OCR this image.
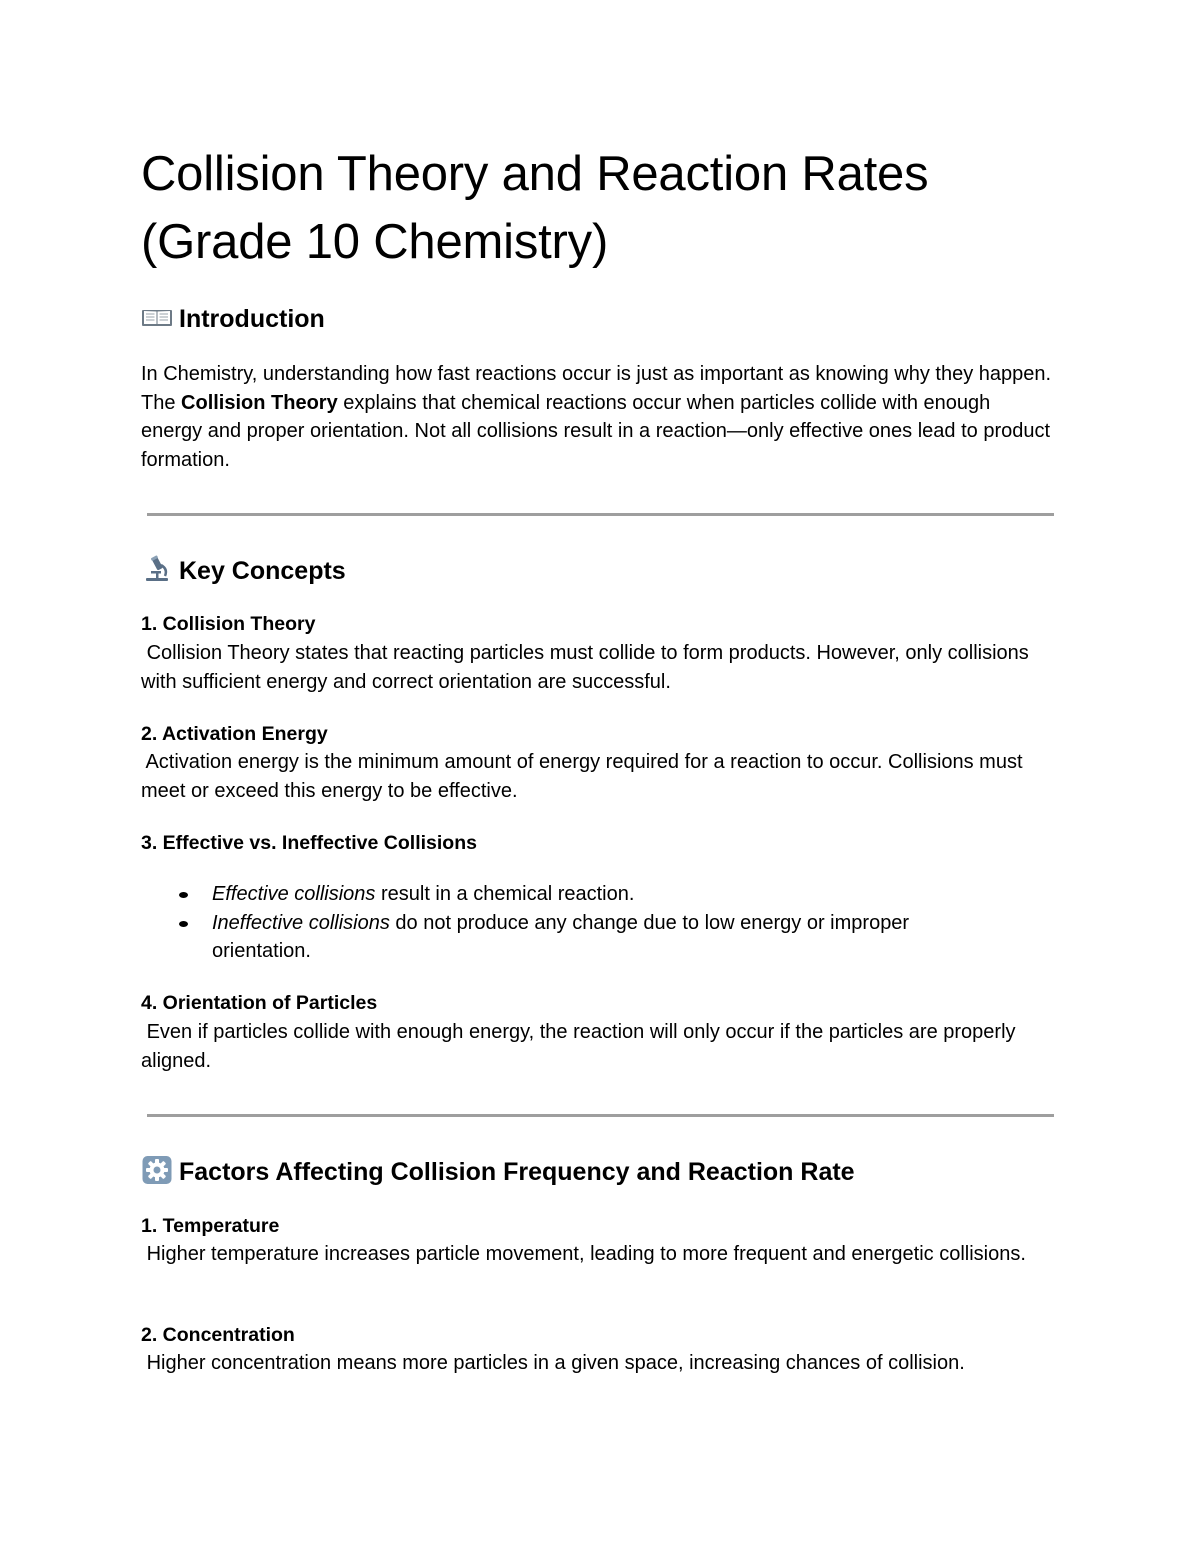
Collision Theory and Reaction Rates (Grade 10 Chemistry)
Introduction

In Chemistry, understanding how fast reactions occur is just as important as knowing why they happen. The Collision Theory explains that chemical reactions occur when particles collide with enough energy and proper orientation. Not all collisions result in a reaction—only effective ones lead to product formation.

Key Concepts

1. Collision Theory

Collision Theory states that reacting particles must collide to form products. However, only collisions with sufficient energy and correct orientation are successful.

2. Activation Energy

Activation energy is the minimum amount of energy required for a reaction to occur. Collisions must meet or exceed this energy to be effective.

3. Effective vs. Ineffective Collisions

Effective collisions result in a chemical reaction.
Ineffective collisions do not produce any change due to low energy or improper orientation.

4. Orientation of Particles

Even if particles collide with enough energy, the reaction will only occur if the particles are properly aligned.

Factors Affecting Collision Frequency and Reaction Rate

1. Temperature

Higher temperature increases particle movement, leading to more frequent and energetic collisions.

2. Concentration

Higher concentration means more particles in a given space, increasing chances of collision.
